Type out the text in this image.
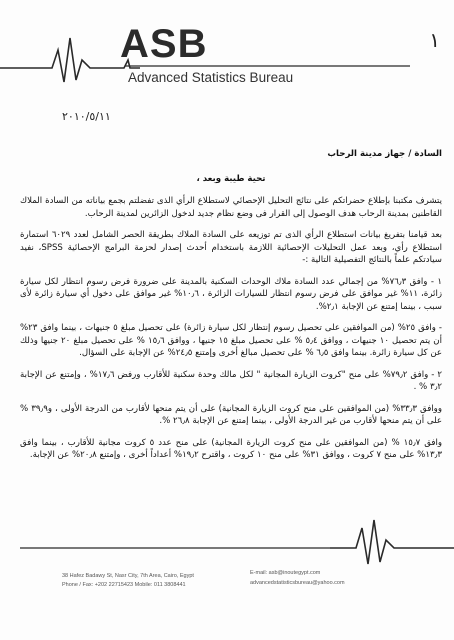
ASB
Advanced Statistics Bureau
١
٢٠١٠/٥/١١

السادة / جهاز مدينة الرحاب

تحية طيبة وبعد ،

يتشرف مكتبنا بإطلاع حضراتكم على نتائج التحليل الإحصائي لاستطلاع الرأي الذى تفضلتم بجمع بياناته من السادة الملاك القاطنين بمدينة الرحاب هدف الوصول إلى القرار فى وضع نظام جديد لدخول الزائرين لمدينة الرحاب.

بعد قيامنا بتفريغ بيانات استطلاع الرأي الذى تم توزيعه على السادة الملاك بطريقة الحصر الشامل لعدد ٦٠٢٩ استمارة استطلاع رأي، وبعد عمل التحليلات الإحصائية اللازمة باستخدام أحدث إصدار لحزمة البرامج الإحصائية SPSS، نفيد سيادتكم علماً بالنتائج التفصيلية التالية :-

١ - وافق ٧٦٫٣% من إجمالي عدد السادة ملاك الوحدات السكنية بالمدينة على ضرورة فرض رسوم انتظار لكل سيارة زائرة، ١١% غير موافق على فرض رسوم انتظار للسيارات الزائرة ، ١٠٫٦% غير موافق على دخول أي سيارة زائرة لأى سبب ، بينما إمتنع عن الإجابة ٢٫١%.

- وافق ٢٥% (من الموافقين على تحصيل رسوم إنتظار لكل سيارة زائرة) على تحصيل مبلغ ٥ جنيهات ، بينما وافق ٢٣% أن يتم تحصيل ١٠ جنيهات ، ووافق ٥٫٤ % على تحصيل مبلغ ١٥ جنيها ، ووافق ١٥٫٦ % على تحصيل مبلغ ٢٠ جنيها وذلك عن كل سيارة زائرة. بينما وافق ٦٫٥ % على تحصيل مبالغ أخرى وإمتنع ٢٤٫٥% عن الإجابة على السؤال.

٢ - وافق ٧٩٫٢% على منح "كروت الزيارة المجانية " لكل مالك وحدة سكنية للأقارب ورفض ١٧٫٦% ، وإمتنع عن الإجابة ٣٫٢ % .

ووافق ٣٣٫٣% (من الموافقين على منح كروت الزيارة المجانية) على أن يتم منحها لأقارب من الدرجة الأولى ، و٣٩٫٩ % على أن يتم منحها لأقارب من غير الدرجة الأولى ، بينما إمتنع عن الإجابة ٢٦٫٨ %.

وافق ١٥٫٧ % (من الموافقين على منح كروت الزيارة المجانية) على منح عدد ٥ كروت مجانية للأقارب ، بينما وافق ١٣٫٣% على منح ٧ كروت ، ووافق ٣١% على منح ١٠ كروت ، واقترح ١٩٫٢% أعداداً أخرى ، وإمتنع ٢٠٫٨% عن الإجابة.

38 Hafez Badawy St, Nasr City, 7th Area, Cairo, Egypt
Phone / Fax: +202 22715423 Mobile: 011 3808441
E-mail: asb@inoutegypt.com
advancedstatisticsbureau@yahoo.com
